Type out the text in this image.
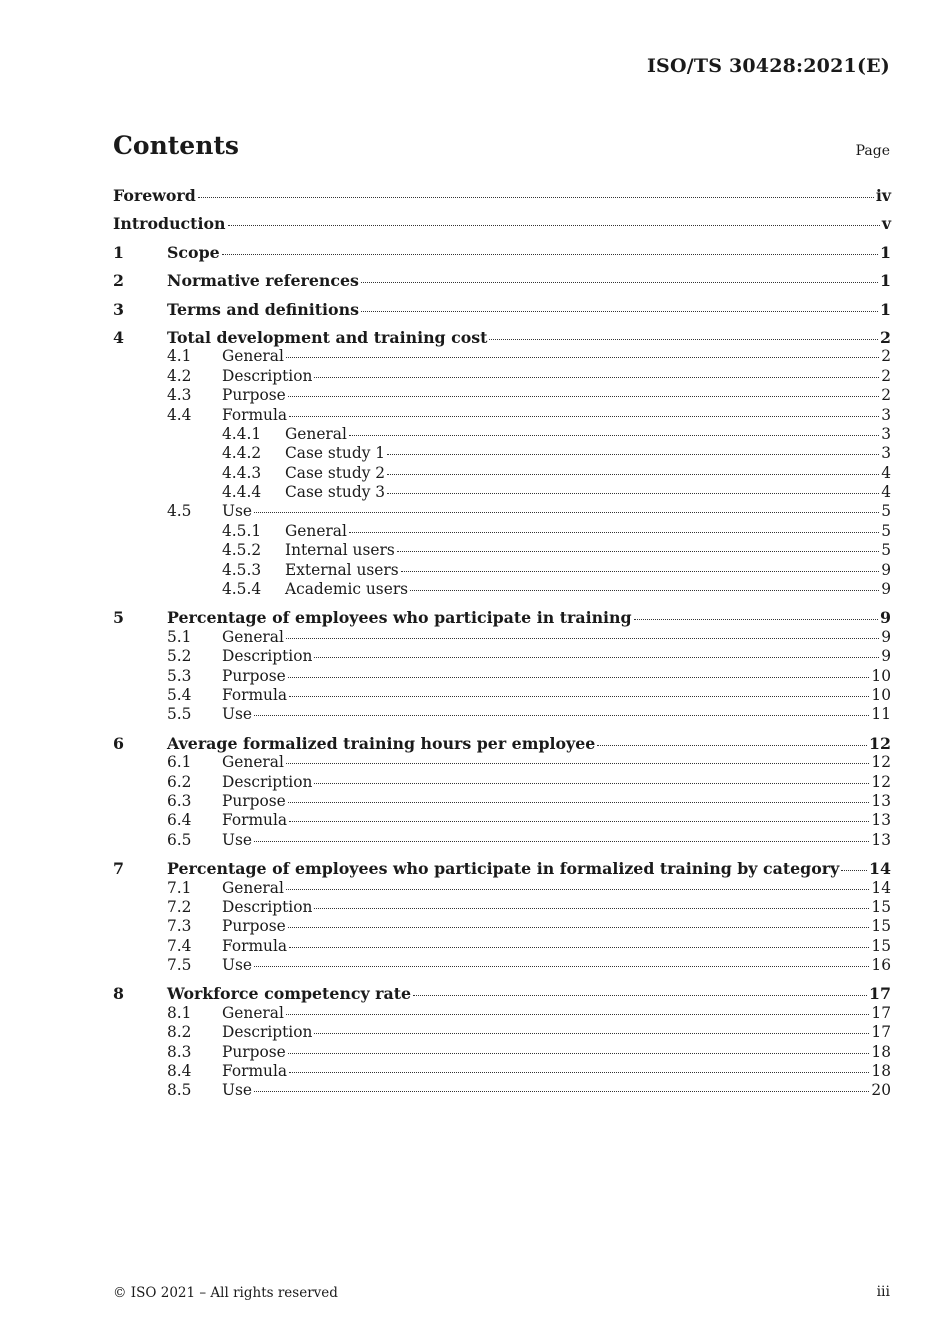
ISO/TS 30428:2021(E)
Contents	Page
Foreword	iv
Introduction	v
1	Scope	1
2	Normative references	1
3	Terms and definitions	1
4	Total development and training cost	2
4.1 General	2
4.2 Description	2
4.3 Purpose	2
4.4 Formula	3
4.4.1 General	3
4.4.2 Case study 1	3
4.4.3 Case study 2	4
4.4.4 Case study 3	4
4.5 Use	5
4.5.1 General	5
4.5.2 Internal users	5
4.5.3 External users	9
4.5.4 Academic users	9
5	Percentage of employees who participate in training	9
5.1 General	9
5.2 Description	9
5.3 Purpose	10
5.4 Formula	10
5.5 Use	11
6	Average formalized training hours per employee	12
6.1 General	12
6.2 Description	12
6.3 Purpose	13
6.4 Formula	13
6.5 Use	13
7	Percentage of employees who participate in formalized training by category 14
7.1 General	14
7.2 Description	15
7.3 Purpose	15
7.4 Formula	15
7.5 Use	16
8	Workforce competency rate	17
8.1 General	17
8.2 Description	17
8.3 Purpose	18
8.4 Formula	18
8.5 Use	20
© ISO 2021 – All rights reserved	iii
